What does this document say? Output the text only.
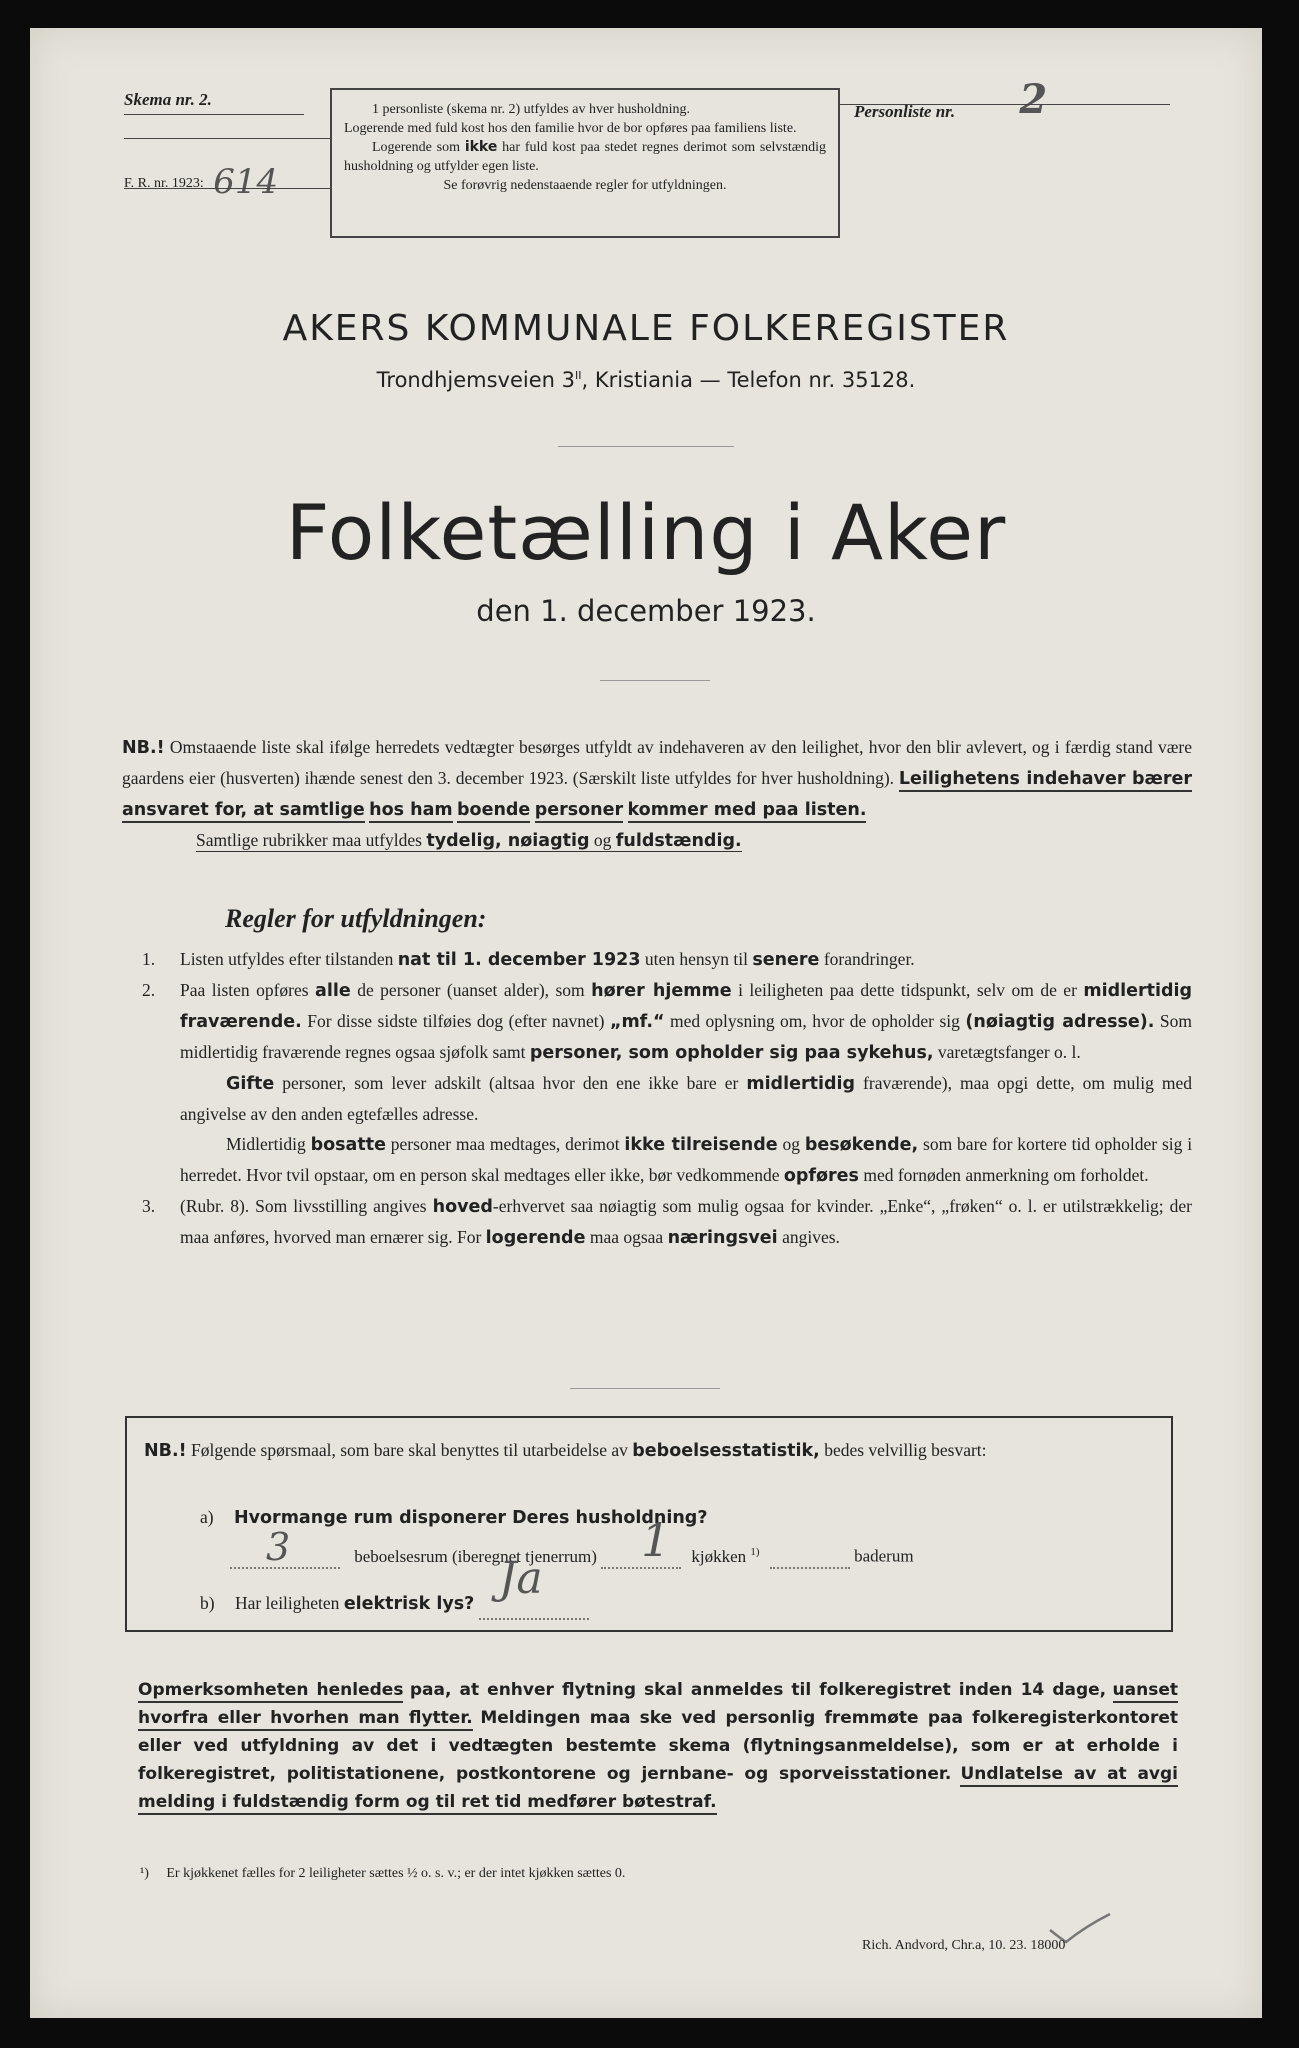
Skema nr. 2.
F. R. nr. 1923: 614
Personliste nr. 2
1 personliste (skema nr. 2) utfyldes av hver husholdning.
Logerende med fuld kost hos den familie hvor de bor opføres paa familiens liste.
Logerende som ikke har fuld kost paa stedet regnes derimot som selvstændig husholdning og utfylder egen liste.
Se forøvrig nedenstaaende regler for utfyldningen.
AKERS KOMMUNALE FOLKEREGISTER
Trondhjemsveien $3^{II}$, Kristiania — Telefon nr. 35128.
Folketælling i Aker
den 1. december 1923.
NB.! Omstaaende liste skal ifølge herredets vedtægter besørges utfyldt av indehaveren av den leilighet, hvor den blir avlevert, og i færdig stand være gaardens eier (husverten) ihænde senest den 3. december 1923. (Særskilt liste utfyldes for hver husholdning). Leilighetens indehaver bærer ansvaret for, at samtlige hos ham boende personer kommer med paa listen.
Samtlige rubrikker maa utfyldes tydelig, nøiagtig og fuldstændig.
Regler for utfyldningen:
1. Listen utfyldes efter tilstanden nat til 1. december 1923 uten hensyn til senere forandringer.
2. Paa listen opføres alle de personer (uanset alder), som hører hjemme i leiligheten paa dette tidspunkt, selv om de er midlertidig fraværende. For disse sidste tilføies dog (efter navnet) „mf.“ med oplysning om, hvor de opholder sig (nøiagtig adresse). Som midlertidig fraværende regnes ogsaa sjøfolk samt personer, som opholder sig paa sykehus, varetægtsfanger o. l.
Gifte personer, som lever adskilt (altsaa hvor den ene ikke bare er midlertidig fraværende), maa opgi dette, om mulig med angivelse av den anden egtefælles adresse.
Midlertidig bosatte personer maa medtages, derimot ikke tilreisende og besøkende, som bare for kortere tid opholder sig i herredet. Hvor tvil opstaar, om en person skal medtages eller ikke, bør vedkommende opføres med fornøden anmerkning om forholdet.
3. (Rubr. 8). Som livsstilling angives hoved-erhvervet saa nøiagtig som mulig ogsaa for kvinder. „Enke“, „frøken“ o. l. er utilstrækkelig; der maa anføres, hvorved man ernærer sig. For logerende maa ogsaa næringsvei angives.
NB.! Følgende spørsmaal, som bare skal benyttes til utarbeidelse av beboelsesstatistik, bedes velvillig besvart:
a) Hvormange rum disponerer Deres husholdning?
3	beboelsesrum (iberegnet tjenerrum) 1 kjøkken $^{1)}$	baderum
b) Har leiligheten elektrisk lys? Ja

Opmerksomheten henledes paa, at enhver flytning skal anmeldes til folkeregistret inden 14 dage, uanset hvorfra eller hvorhen man flytter. Meldingen maa ske ved personlig fremmøte paa folkeregisterkontoret eller ved utfyldning av det i vedtægten bestemte skema (flytningsanmeldelse), som er at erholde i folkeregistret, politistationene, postkontorene og jernbane- og sporveisstationer. Undlatelse av at avgi melding i fuldstændig form og til ret tid medfører bøtestraf.
¹) Er kjøkkenet fælles for 2 leiligheter sættes ½ o. s. v.; er der intet kjøkken sættes 0.
Rich. Andvord, Chr.a, 10. 23. 18000
